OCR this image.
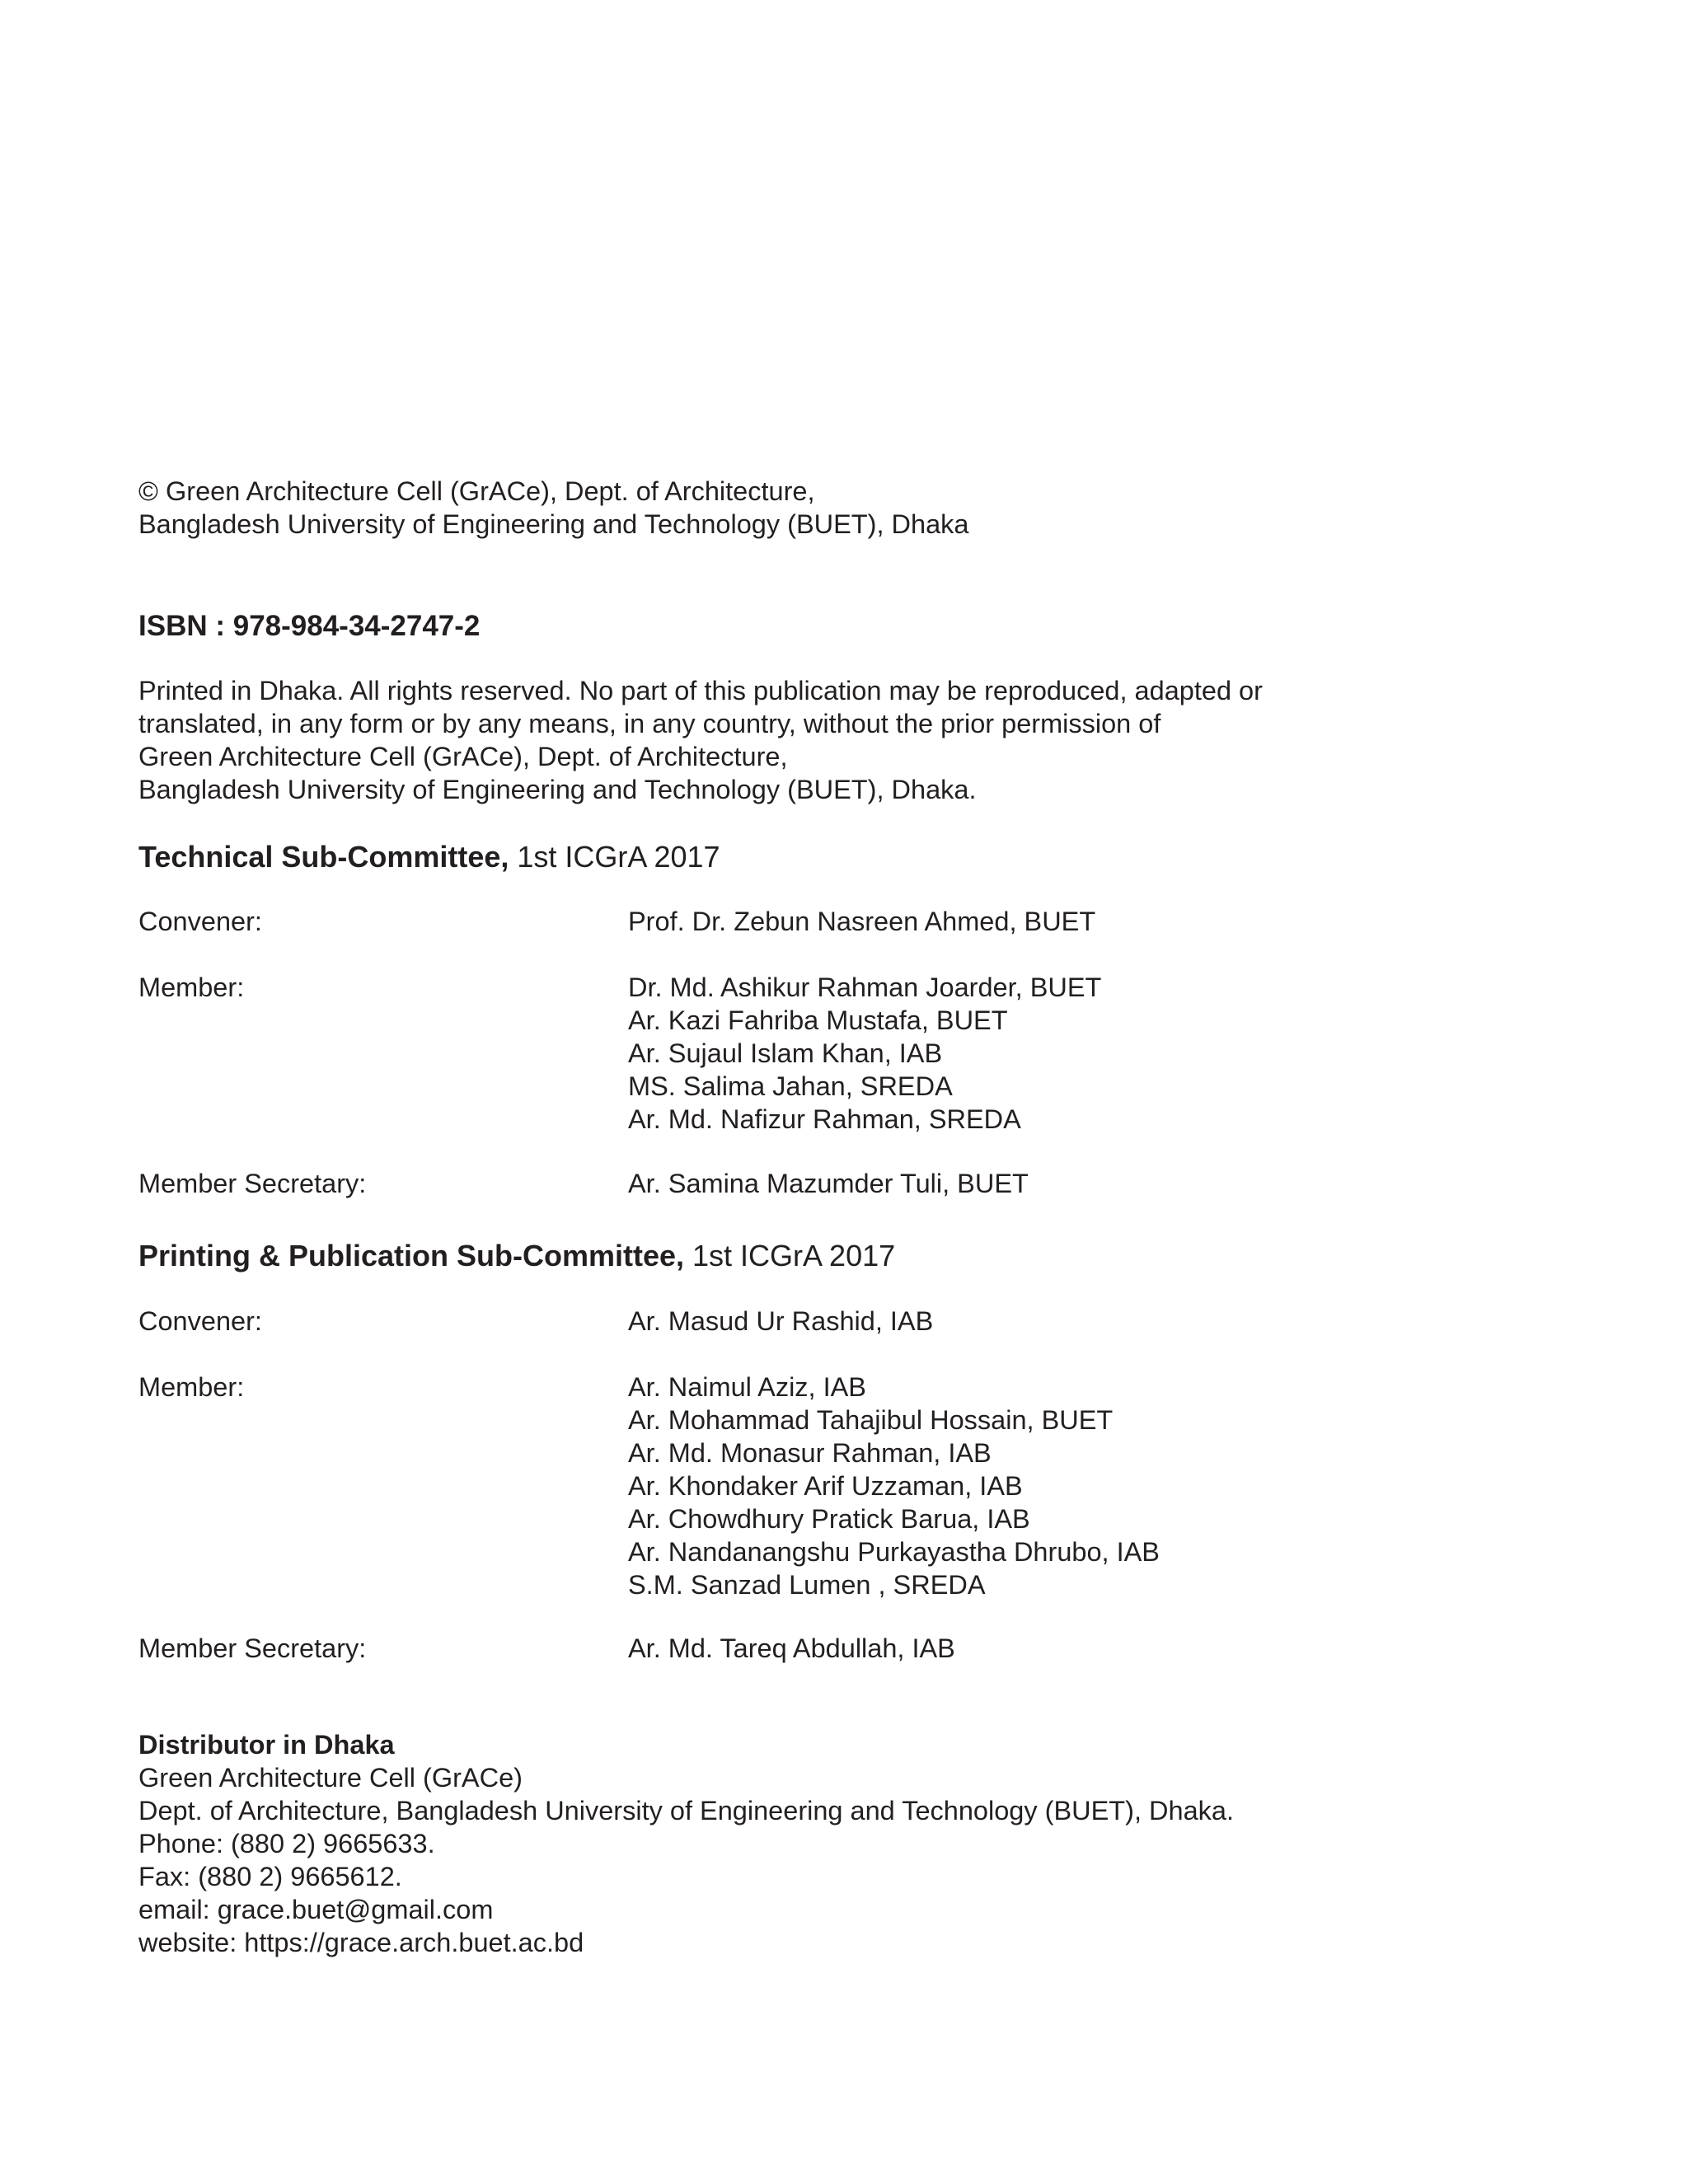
© Green Architecture Cell (GrACe), Dept. of Architecture,
Bangladesh University of Engineering and Technology (BUET), Dhaka
ISBN : 978-984-34-2747-2
Printed in Dhaka. All rights reserved. No part of this publication may be reproduced, adapted or
translated, in any form or by any means, in any country, without the prior permission of
Green Architecture Cell (GrACe), Dept. of Architecture,
Bangladesh University of Engineering and Technology (BUET), Dhaka.
Technical Sub-Committee, 1st ICGrA 2017
Convener:	Prof. Dr. Zebun Nasreen Ahmed, BUET
Member:	Dr. Md. Ashikur Rahman Joarder, BUET
Ar. Kazi Fahriba Mustafa, BUET
Ar. Sujaul Islam Khan, IAB
MS. Salima Jahan, SREDA
Ar. Md. Nafizur Rahman, SREDA
Member Secretary:	Ar. Samina Mazumder Tuli, BUET
Printing & Publication Sub-Committee, 1st ICGrA 2017
Convener:	Ar. Masud Ur Rashid, IAB
Member:	Ar. Naimul Aziz, IAB
Ar. Mohammad Tahajibul Hossain, BUET
Ar. Md. Monasur Rahman, IAB
Ar. Khondaker Arif Uzzaman, IAB
Ar. Chowdhury Pratick Barua, IAB
Ar. Nandanangshu Purkayastha Dhrubo, IAB
S.M. Sanzad Lumen , SREDA
Member Secretary:	Ar. Md. Tareq Abdullah, IAB
Distributor in Dhaka
Green Architecture Cell (GrACe)
Dept. of Architecture, Bangladesh University of Engineering and Technology (BUET), Dhaka.
Phone: (880 2) 9665633.
Fax: (880 2) 9665612.
email: grace.buet@gmail.com
website: https://grace.arch.buet.ac.bd
